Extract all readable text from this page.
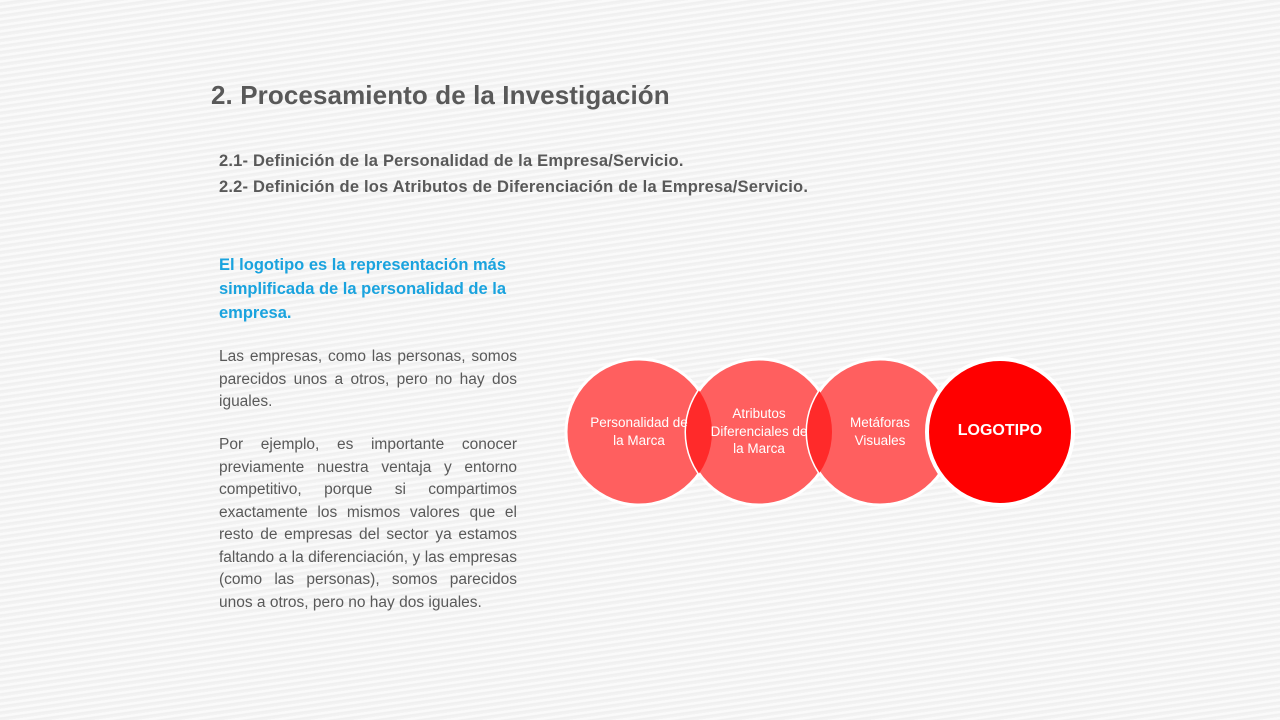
2. Procesamiento de la Investigación
2.1- Definición de la Personalidad de la Empresa/Servicio.
2.2- Definición de los Atributos de Diferenciación de la Empresa/Servicio.

El logotipo es la representación más simplificada de la personalidad de la empresa.

Las empresas, como las personas, somos parecidos unos a otros, pero no hay dos iguales.

Por ejemplo, es importante conocer previamente nuestra ventaja y entorno competitivo, porque si compartimos exactamente los mismos valores que el resto de empresas del sector ya estamos faltando a la diferenciación, y las empresas (como las personas), somos parecidos unos a otros, pero no hay dos iguales.

Personalidad de la Marca
Atributos Diferenciales de la Marca
Metáforas Visuales
LOGOTIPO
